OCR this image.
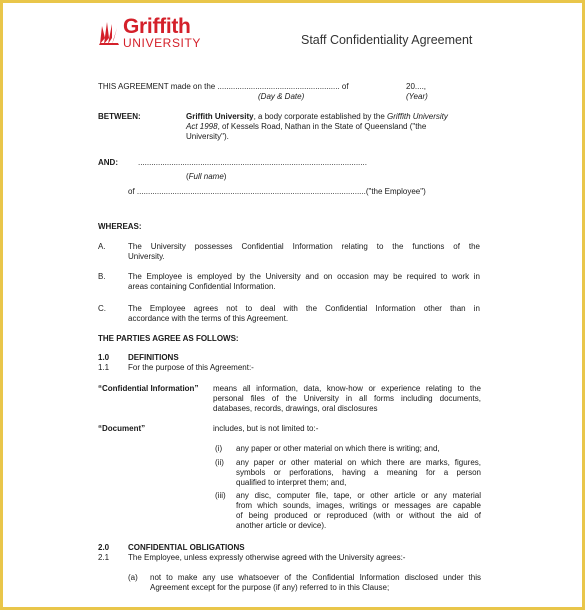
Griffith
UNIVERSITY	Staff Confidentiality Agreement
THIS AGREEMENT made on the ....................................................... of	20....,
(Day & Date)	(Year)
BETWEEN:	Griffith University, a body corporate established by the Griffith University
Act 1998, of Kessels Road, Nathan in the State of Queensland ("the
University").
AND:	.......................................................................................................
(Full name)
of .......................................................................................................("the Employee")
WHEREAS:
A.	The University possesses Confidential Information relating to the functions of the
University.
B.	The Employee is employed by the University and on occasion may be required to work in
areas containing Confidential Information.
C.	The Employee agrees not to deal with the Confidential Information other than in
accordance with the terms of this Agreement.
THE PARTIES AGREE AS FOLLOWS:
1.0 DEFINITIONS
1.1 For the purpose of this Agreement:-
“Confidential Information” means all information, data, know-how or experience relating to the
personal files of the University in all forms including documents,
databases, records, drawings, oral disclosures
“Document”	includes, but is not limited to:-
(i) any paper or other material on which there is writing; and,
(ii) any paper or other material on which there are marks, figures,
symbols or perforations, having a meaning for a person
qualified to interpret them; and,
(iii) any disc, computer file, tape, or other article or any material
from which sounds, images, writings or messages are capable
of being produced or reproduced (with or without the aid of
another article or device).
2.0 CONFIDENTIAL OBLIGATIONS
2.1 The Employee, unless expressly otherwise agreed with the University agrees:-
(a) not to make any use whatsoever of the Confidential Information disclosed under this
Agreement except for the purpose (if any) referred to in this Clause;
